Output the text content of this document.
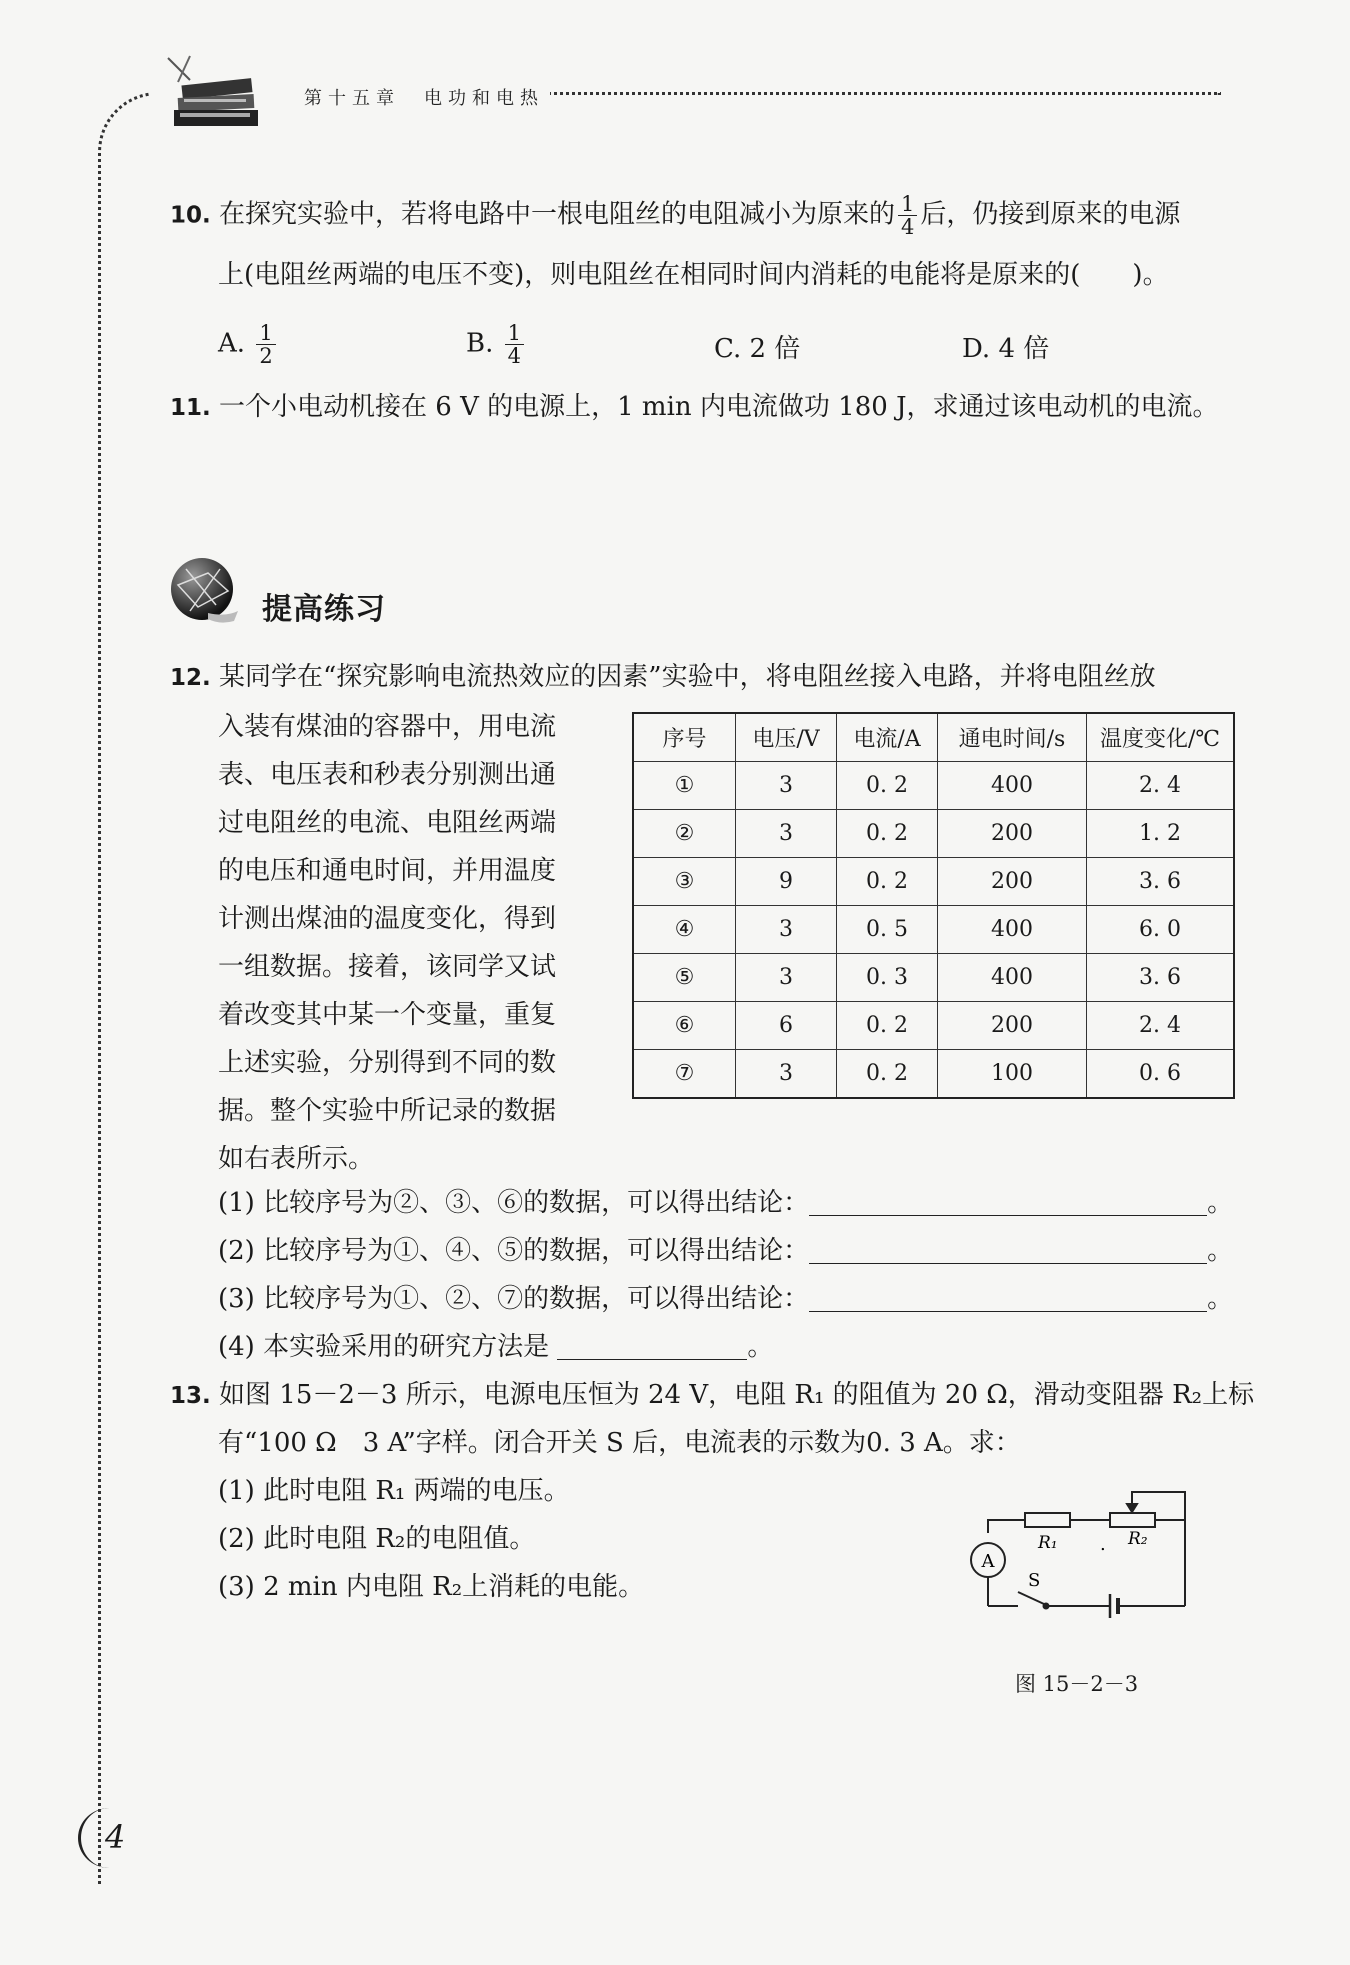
第十五章　电功和电热
10. 在探究实验中，若将电路中一根电阻丝的电阻减小为原来的 $\frac{1}{4}$ 后，仍接到原来的电源
上(电阻丝两端的电压不变)，则电阻丝在相同时间内消耗的电能将是原来的(　　)。
A. $\frac{1}{2}$	B. $\frac{1}{4}$	C. 2 倍	D. 4 倍
11. 一个小电动机接在 6 V 的电源上，1 min 内电流做功 180 J，求通过该电动机的电流。
提高练习
12. 某同学在“探究影响电流热效应的因素”实验中，将电阻丝接入电路，并将电阻丝放
入装有煤油的容器中，用电流
表、电压表和秒表分别测出通
过电阻丝的电流、电阻丝两端
的电压和通电时间，并用温度
计测出煤油的温度变化，得到
一组数据。接着，该同学又试
着改变其中某一个变量，重复
上述实验，分别得到不同的数
据。整个实验中所记录的数据
如右表所示。
序号	电压/V	电流/A	通电时间/s	温度变化/℃
①	3	0. 2	400	2. 4
②	3	0. 2	200	1. 2
③	9	0. 2	200	3. 6
④	3	0. 5	400	6. 0
⑤	3	0. 3	400	3. 6
⑥	6	0. 2	200	2. 4
⑦	3	0. 2	100	0. 6
(1) 比较序号为②、③、⑥的数据，可以得出结论：	。
(2) 比较序号为①、④、⑤的数据，可以得出结论：	。
(3) 比较序号为①、②、⑦的数据，可以得出结论：	。
(4) 本实验采用的研究方法是	。
13. 如图 15－2－3 所示，电源电压恒为 24 V，电阻 R₁ 的阻值为 20 Ω，滑动变阻器 R₂上标
有“100 Ω　3 A”字样。闭合开关 S 后，电流表的示数为0. 3 A。求：
(1) 此时电阻 R₁ 两端的电压。
(2) 此时电阻 R₂的电阻值。
(3) 2 min 内电阻 R₂上消耗的电能。
A
R₁	R₂
.
S
图 15－2－3
4
